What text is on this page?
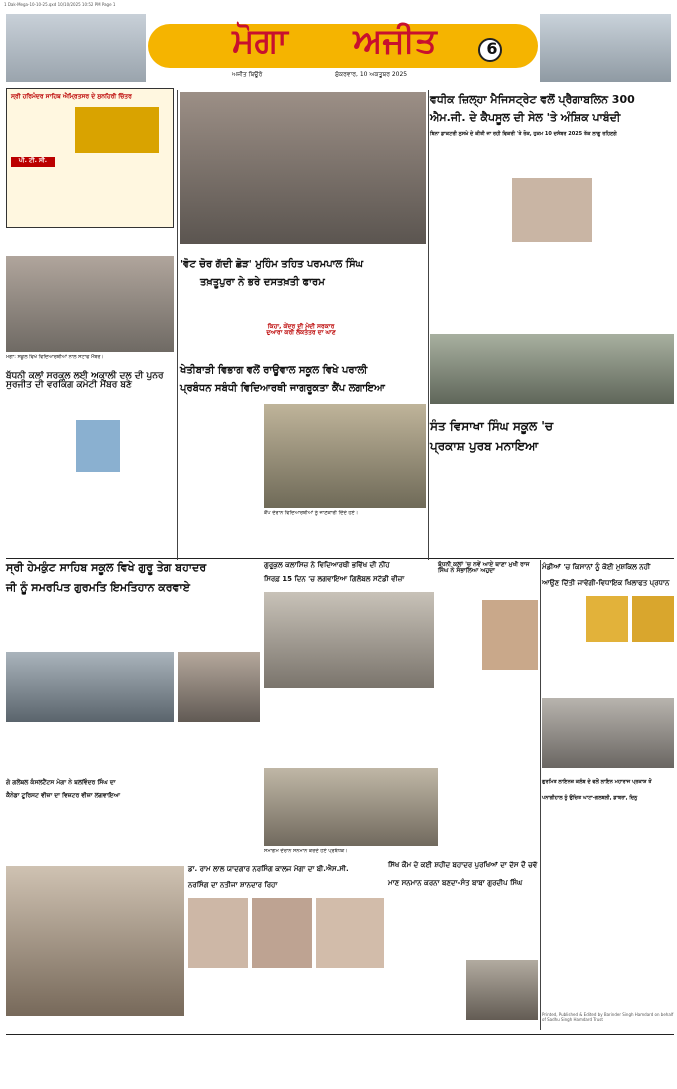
1 Dak-Mega-10-10-25.qxd 10/10/2025 10:52 PM Page 1
ਮੋਗਾ	ਅਜੀਤ	6
ਅਜੀਤ ਬਿਊਰੋ	ਸ਼ੁੱਕਰਵਾਰ, 10 ਅਕਤੂਬਰ 2025
ਸ੍ਰੀ ਹਰਿਮੰਦਰ ਸਾਹਿਬ ਐਮ੍ਰਿਤਸਰ ਦੇ ਸੁਨਹਿਰੀ ਚਿੱਤਰ
ਪੀ. ਟੀ. ਸੀ.
ਮੋਗਾ: ਸਕੂਲ ਵਿਖੇ ਵਿਦਿਆਰਥੀਆਂ ਨਾਲ ਸਟਾਫ ਮੈਂਬਰ।
ਵਧੀਕ ਜ਼ਿਲ੍ਹਾ ਮੈਜਿਸਟ੍ਰੇਟ ਵਲੋਂ ਪ੍ਰੈਗਾਬਲਿਨ 300
ਐਮ.ਜੀ. ਦੇ ਕੈਪਸੂਲ ਦੀ ਸੇਲ 'ਤੇ ਅੰਸ਼ਿਕ ਪਾਬੰਦੀ
ਬਿਨਾ ਡਾਕਟਰੀ ਨੁਸਖ਼ੇ ਦੇ ਕੀਤੀ ਜਾ ਰਹੀ ਵਿਕਰੀ 'ਤੇ ਰੋਕ, ਹੁਕਮ 10 ਦਸੰਬਰ 2025 ਤੱਕ ਲਾਗੂ ਰਹਿਣਗੇ
'ਵੋਟ ਚੋਰ ਗੱਦੀ ਛੋੜ' ਮੁਹਿੰਮ ਤਹਿਤ ਪਰਮਪਾਲ ਸਿੰਘ
ਤਖ਼ਤੂਪੁਰਾ ਨੇ ਭਰੇ ਦਸਤਖ਼ਤੀ ਫਾਰਮ
ਕਿਹਾ, ਕੇਂਦਰ ਦੀ ਮੋਦੀ ਸਰਕਾਰ ਦੁਆਰਾ ਕਰੀ ਲੋਕਤੰਤਰ ਦਾ ਘਾਣ
ਬੱਧਨੀ ਕਲਾਂ ਸਰਕਲ ਲਈ ਅਕਾਲੀ ਦਲ ਦੀ ਪੁਨਰ ਸੁਰਜੀਤ ਦੀ ਵਰਕਿੰਗ ਕਮੇਟੀ ਮੈਂਬਰ ਬਣੇ
ਖੇਤੀਬਾੜੀ ਵਿਭਾਗ ਵਲੋਂ ਰਾਊਵਾਲ ਸਕੂਲ ਵਿਖੇ ਪਰਾਲੀ
ਪ੍ਰਬੰਧਨ ਸਬੰਧੀ ਵਿਦਿਆਰਥੀ ਜਾਗਰੂਕਤਾ ਕੈਂਪ ਲਗਾਇਆ
ਕੈਂਪ ਦੌਰਾਨ ਵਿਦਿਆਰਥੀਆਂ ਨੂੰ ਜਾਣਕਾਰੀ ਦਿੰਦੇ ਹੋਏ।
ਸੰਤ ਵਿਸਾਖਾ ਸਿੰਘ ਸਕੂਲ 'ਚ
ਪ੍ਰਕਾਸ਼ ਪੁਰਬ ਮਨਾਇਆ
ਸ੍ਰੀ ਹੇਮਕੁੰਟ ਸਾਹਿਬ ਸਕੂਲ ਵਿਖੇ ਗੁਰੂ ਤੇਗ ਬਹਾਦਰ
ਜੀ ਨੂੰ ਸਮਰਪਿਤ ਗੁਰਮਤਿ ਇਮਤਿਹਾਨ ਕਰਵਾਏ
ਗੁਰੂਕੁਲ ਕਲਾਸਿਜ਼ ਨੇ ਵਿਦਿਆਰਥੀ ਭਵਿੱਖ ਦੀ ਨੀਂਹ
ਸਿਰਫ਼ 15 ਦਿਨ 'ਚ ਲਗਵਾਇਆ ਗਿਲੋਬਲ ਸਟੱਡੀ ਵੀਜ਼ਾ
ਬੱਧਨੀ ਕਲਾਂ 'ਚ ਨਵੇਂ ਆਏ ਥਾਣਾ ਮੁਖੀ ਰਾਜ ਸਿੰਘ ਨੇ ਸੰਭਾਲਿਆ ਅਹੁਦਾ	ਮੰਡੀਆਂ 'ਚ ਕਿਸਾਨਾਂ ਨੂੰ ਕੋਈ ਮੁਸ਼ਕਿਲ ਨਹੀਂ
ਆਉਣ ਦਿੱਤੀ ਜਾਵੇਗੀ-ਵਿਧਾਇਕ ਖਿਲਾਫਤ ਪ੍ਰਧਾਨ
ਸਮਾਗਮ ਦੌਰਾਨ ਸਨਮਾਨ ਕਰਦੇ ਹੋਏ ਪ੍ਰਬੰਧਕ।
ਗੋ ਗਲੋਬਲ ਕੰਸਲਟੈਂਟਸ ਮੋਗਾ ਨੇ ਬਲਵਿੰਦਰ ਸਿੰਘ ਦਾ
ਕੈਨੇਡਾ ਟੂਰਿਸਟ ਵੀਜ਼ਾ ਦਾ ਵਿਜ਼ਟਰ ਵੀਜ਼ਾ ਲਗਵਾਇਆ
ਡਾ. ਰਾਮ ਲਾਲ ਯਾਦਗਾਰ ਨਰਸਿੰਗ ਕਾਲਜ ਮੋਗਾ ਦਾ ਬੀ.ਐਸ.ਸੀ.
ਨਰਸਿੰਗ ਦਾ ਨਤੀਜਾ ਸ਼ਾਨਦਾਰ ਰਿਹਾ
ਸਿੱਖ ਕੌਮ ਦੇ ਕਈ ਸ਼ਹੀਦ ਬਹਾਦਰ ਪੁਰਖਿਆਂ ਦਾ ਦੱਸ ਦੌ ਚਵੱ
ਮਾਣ ਸਨਮਾਨ ਕਰਨਾ ਬਣਦਾ-ਸੰਤ ਬਾਬਾ ਗੁਰਦੀਪ ਸਿੰਘ
ਗੁਰਮਿਤ ਲਾਇਨਜ਼ ਕਲੱਬ ਦੇ ਵਲੋਂ ਲਾਇਨ ਮਹਾਰਾਜ ਪ੍ਰਕਾਸ਼ ਤੋਂ
ਪਨਾਗੀਹਾਲ ਨੂੰ ਉਚਿਤ ਘਾਟਾ-ਗਲਬਲੀ, ਡਾਬਰਾ, ਦਿਨੂ
Printed, Published & Edited by Barinder Singh Hamdard on behalf of Sadhu Singh Hamdard Trust
